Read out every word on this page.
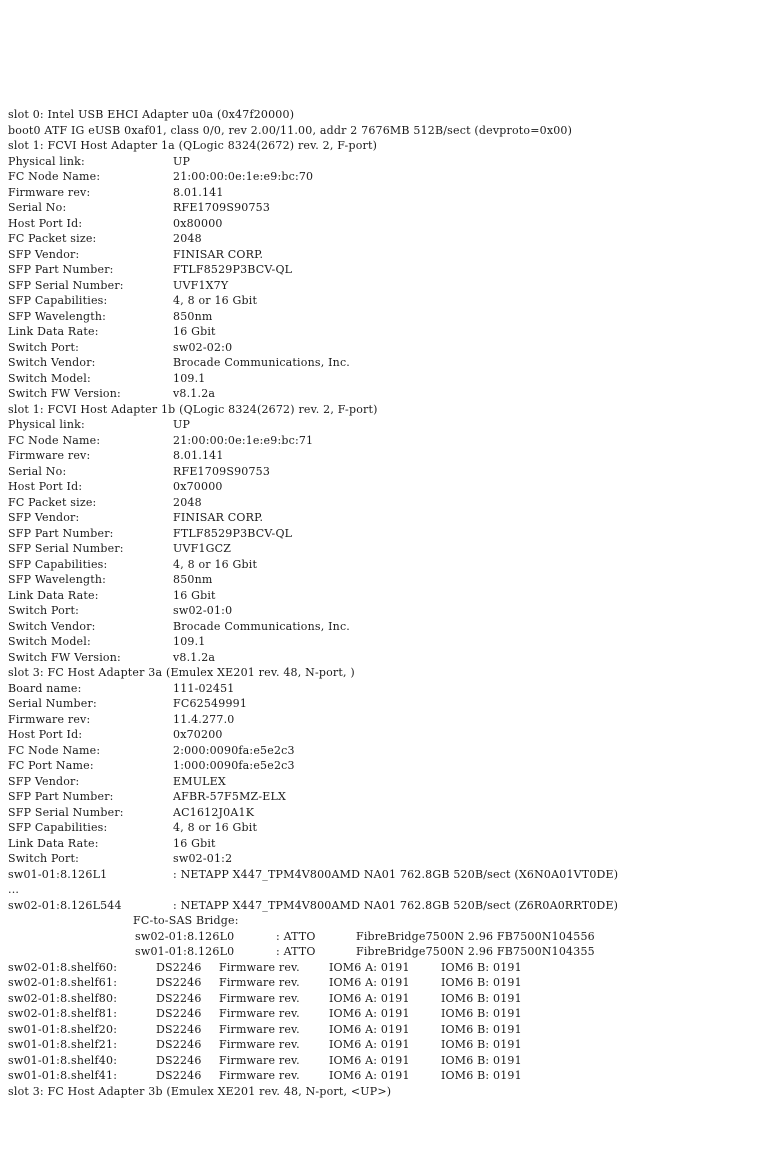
slot 0: Intel USB EHCI Adapter u0a (0x47f20000)
boot0 ATF IG eUSB 0xaf01, class 0/0, rev 2.00/11.00, addr 2 7676MB 512B/sect (devproto=0x00)
slot 1: FCVI Host Adapter 1a (QLogic 8324(2672) rev. 2, F-port)
Physical link:	UP
FC Node Name:	21:00:00:0e:1e:e9:bc:70
Firmware rev:	8.01.141
Serial No:	RFE1709S90753
Host Port Id:	0x80000
FC Packet size:	2048
SFP Vendor:	FINISAR CORP.
SFP Part Number:	FTLF8529P3BCV-QL
SFP Serial Number:	UVF1X7Y
SFP Capabilities:	4, 8 or 16 Gbit
SFP Wavelength:	850nm
Link Data Rate:	16 Gbit
Switch Port:	sw02-02:0
Switch Vendor:	Brocade Communications, Inc.
Switch Model:	109.1
Switch FW Version:	v8.1.2a
slot 1: FCVI Host Adapter 1b (QLogic 8324(2672) rev. 2, F-port)
Physical link:	UP
FC Node Name:	21:00:00:0e:1e:e9:bc:71
Firmware rev:	8.01.141
Serial No:	RFE1709S90753
Host Port Id:	0x70000
FC Packet size:	2048
SFP Vendor:	FINISAR CORP.
SFP Part Number:	FTLF8529P3BCV-QL
SFP Serial Number:	UVF1GCZ
SFP Capabilities:	4, 8 or 16 Gbit
SFP Wavelength:	850nm
Link Data Rate:	16 Gbit
Switch Port:	sw02-01:0
Switch Vendor:	Brocade Communications, Inc.
Switch Model:	109.1
Switch FW Version:	v8.1.2a
slot 3: FC Host Adapter 3a (Emulex XE201 rev. 48, N-port, )
Board name:	111-02451
Serial Number:	FC62549991
Firmware rev:	11.4.277.0
Host Port Id:	0x70200
FC Node Name:	2:000:0090fa:e5e2c3
FC Port Name:	1:000:0090fa:e5e2c3
SFP Vendor:	EMULEX
SFP Part Number:	AFBR-57F5MZ-ELX
SFP Serial Number:	AC1612J0A1K
SFP Capabilities:	4, 8 or 16 Gbit
Link Data Rate:	16 Gbit
Switch Port:	sw02-01:2
sw01-01:8.126L1	: NETAPP X447_TPM4V800AMD NA01 762.8GB 520B/sect (X6N0A01VT0DE)
...
sw02-01:8.126L544	: NETAPP X447_TPM4V800AMD NA01 762.8GB 520B/sect (Z6R0A0RRT0DE)
FC-to-SAS Bridge:
sw02-01:8.126L0	: ATTO	FibreBridge7500N 2.96 FB7500N104556
sw01-01:8.126L0	: ATTO	FibreBridge7500N 2.96 FB7500N104355
sw02-01:8.shelf60:	DS2246 Firmware rev.	IOM6 A: 0191	IOM6 B: 0191
sw02-01:8.shelf61:	DS2246 Firmware rev.	IOM6 A: 0191	IOM6 B: 0191
sw02-01:8.shelf80:	DS2246 Firmware rev.	IOM6 A: 0191	IOM6 B: 0191
sw02-01:8.shelf81:	DS2246 Firmware rev.	IOM6 A: 0191	IOM6 B: 0191
sw01-01:8.shelf20:	DS2246 Firmware rev.	IOM6 A: 0191	IOM6 B: 0191
sw01-01:8.shelf21:	DS2246 Firmware rev.	IOM6 A: 0191	IOM6 B: 0191
sw01-01:8.shelf40:	DS2246 Firmware rev.	IOM6 A: 0191	IOM6 B: 0191
sw01-01:8.shelf41:	DS2246 Firmware rev.	IOM6 A: 0191	IOM6 B: 0191
slot 3: FC Host Adapter 3b (Emulex XE201 rev. 48, N-port, <UP>)
